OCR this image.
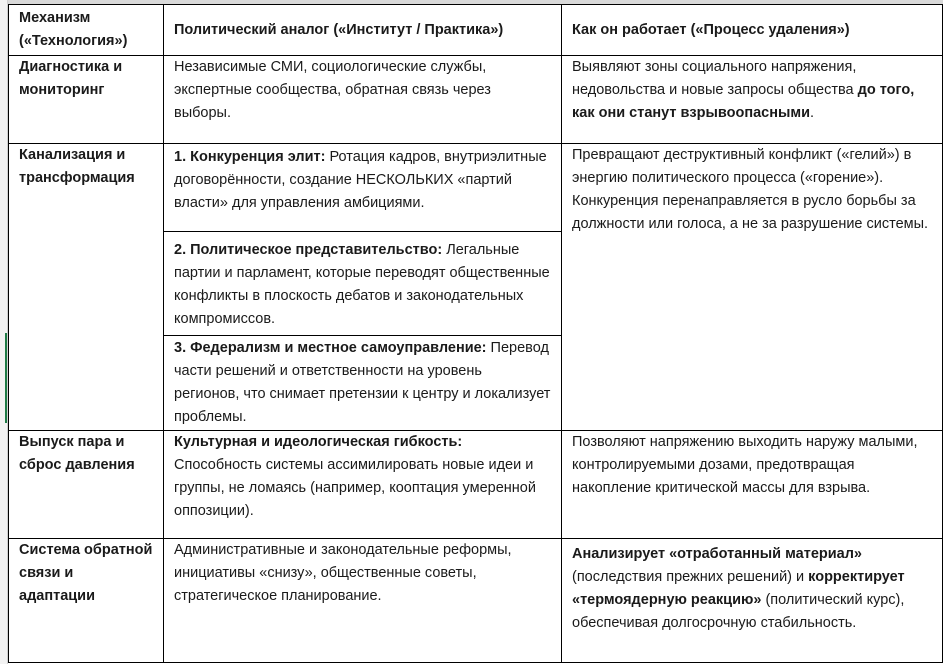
Механизм («Технология»)	Политический аналог («Институт / Практика»)	Как он работает («Процесс удаления»)
Диагностика и мониторинг	Независимые СМИ, социологические службы, экспертные сообщества, обратная связь через выборы.	Выявляют зоны социального напряжения, недовольства и новые запросы общества до того, как они станут взрывоопасными.
Канализация и трансформация	1. Конкуренция элит: Ротация кадров, внутриэлитные договорённости, создание НЕСКОЛЬКИХ «партий власти» для управления амбициями.	Превращают деструктивный конфликт («гелий») в энергию политического процесса («горение»). Конкуренция перенаправляется в русло борьбы за должности или голоса, а не за разрушение системы.
	2. Политическое представительство: Легальные партии и парламент, которые переводят общественные конфликты в плоскость дебатов и законодательных компромиссов.	
	3. Федерализм и местное самоуправление: Перевод части решений и ответственности на уровень регионов, что снимает претензии к центру и локализует проблемы.	
Выпуск пара и сброс давления	Культурная и идеологическая гибкость: Способность системы ассимилировать новые идеи и группы, не ломаясь (например, кооптация умеренной оппозиции).	Позволяют напряжению выходить наружу малыми, контролируемыми дозами, предотвращая накопление критической массы для взрыва.
Система обратной связи и адаптации	Административные и законодательные реформы, инициативы «снизу», общественные советы, стратегическое планирование.	Анализирует «отработанный материал» (последствия прежних решений) и корректирует «термоядерную реакцию» (политический курс), обеспечивая долгосрочную стабильность.
